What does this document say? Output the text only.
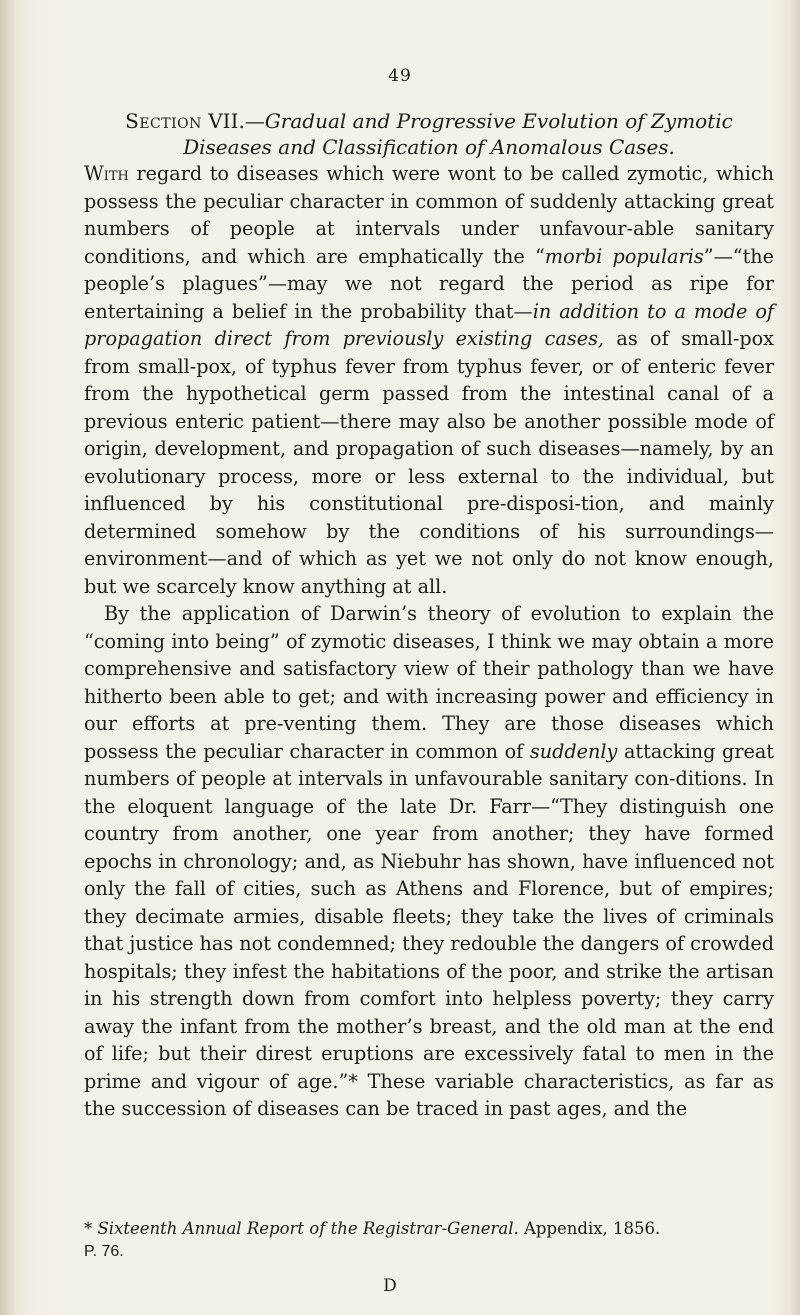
49
Section VII.—Gradual and Progressive Evolution of Zymotic
Diseases and Classification of Anomalous Cases.

With regard to diseases which were wont to be called zymotic, which possess the peculiar character in common of suddenly attacking great numbers of people at intervals under unfavour-able sanitary conditions, and which are emphatically the “morbi popularis”—“the people’s plagues”—may we not regard the period as ripe for entertaining a belief in the probability that—in addition to a mode of propagation direct from previously existing cases, as of small-pox from small-pox, of typhus fever from typhus fever, or of enteric fever from the hypothetical germ passed from the intestinal canal of a previous enteric patient—there may also be another possible mode of origin, development, and propagation of such diseases—namely, by an evolutionary process, more or less external to the individual, but influenced by his constitutional pre-disposi-tion, and mainly determined somehow by the conditions of his surroundings—environment—and of which as yet we not only do not know enough, but we scarcely know anything at all.

By the application of Darwin’s theory of evolution to explain the “coming into being” of zymotic diseases, I think we may obtain a more comprehensive and satisfactory view of their pathology than we have hitherto been able to get; and with increasing power and efficiency in our efforts at pre-venting them. They are those diseases which possess the peculiar character in common of suddenly attacking great numbers of people at intervals in unfavourable sanitary con-ditions. In the eloquent language of the late Dr. Farr—“They distinguish one country from another, one year from another; they have formed epochs in chronology; and, as Niebuhr has shown, have influenced not only the fall of cities, such as Athens and Florence, but of empires; they decimate armies, disable fleets; they take the lives of criminals that justice has not condemned; they redouble the dangers of crowded hospitals; they infest the habitations of the poor, and strike the artisan in his strength down from comfort into helpless poverty; they carry away the infant from the mother’s breast, and the old man at the end of life; but their direst eruptions are excessively fatal to men in the prime and vigour of age.”* These variable characteristics, as far as the succession of diseases can be traced in past ages, and the

* Sixteenth Annual Report of the Registrar-General. Appendix, 1856.
P. 76.
D
